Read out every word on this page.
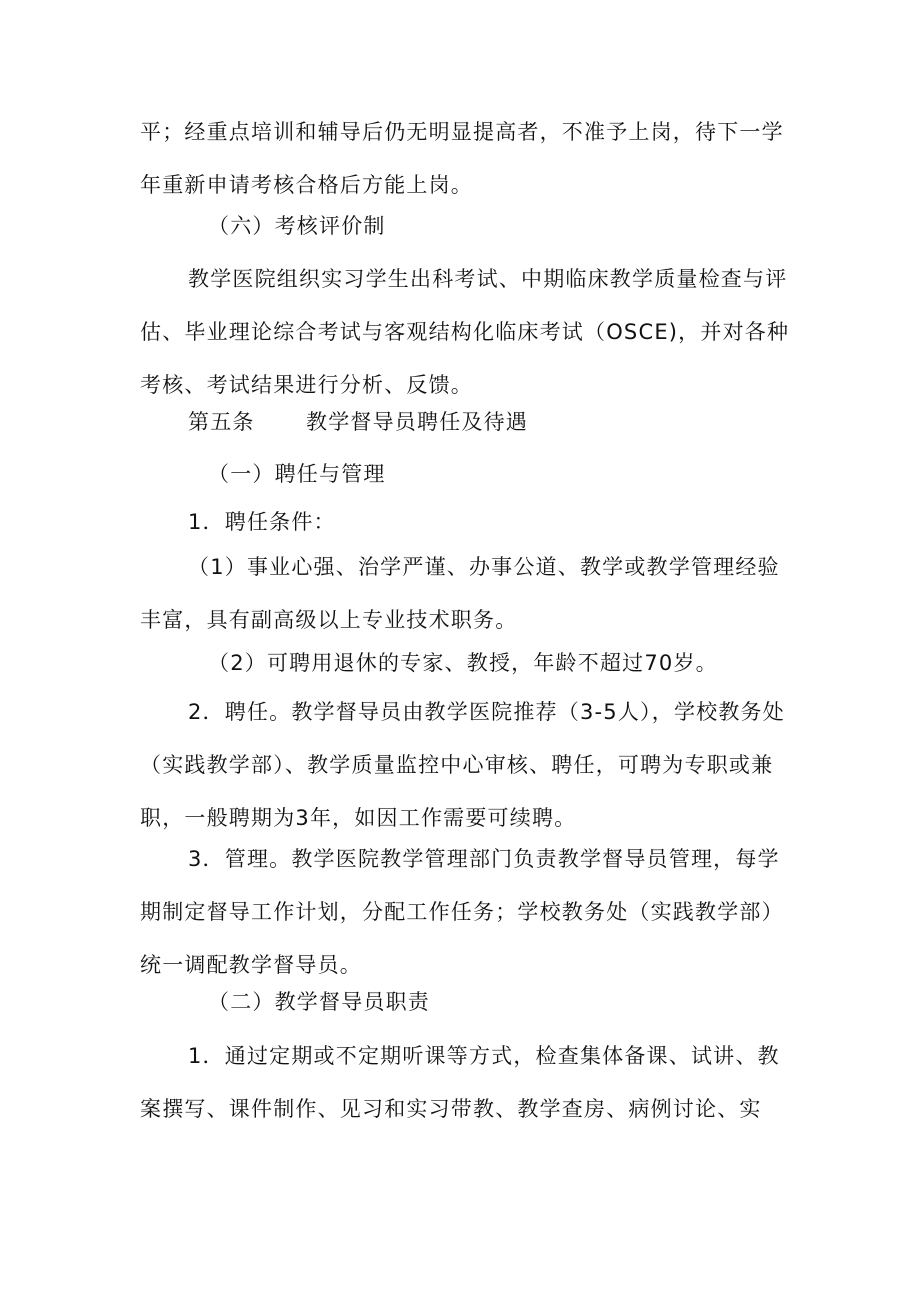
平；经重点培训和辅导后仍无明显提高者，不准予上岗，待下一学年重新申请考核合格后方能上岗。

（六）考核评价制

教学医院组织实习学生出科考试、中期临床教学质量检查与评估、毕业理论综合考试与客观结构化临床考试（OSCE)，并对各种考核、考试结果进行分析、反馈。

第五条 教学督导员聘任及待遇

（一）聘任与管理

1．聘任条件：

（1）事业心强、治学严谨、办事公道、教学或教学管理经验丰富，具有副高级以上专业技术职务。

（2）可聘用退休的专家、教授，年龄不超过70岁。

2．聘任。教学督导员由教学医院推荐（3-5人），学校教务处（实践教学部）、教学质量监控中心审核、聘任，可聘为专职或兼职，一般聘期为3年，如因工作需要可续聘。

3．管理。教学医院教学管理部门负责教学督导员管理，每学期制定督导工作计划，分配工作任务；学校教务处（实践教学部）统一调配教学督导员。

（二）教学督导员职责

1．通过定期或不定期听课等方式，检查集体备课、试讲、教案撰写、课件制作、见习和实习带教、教学查房、病例讨论、实
